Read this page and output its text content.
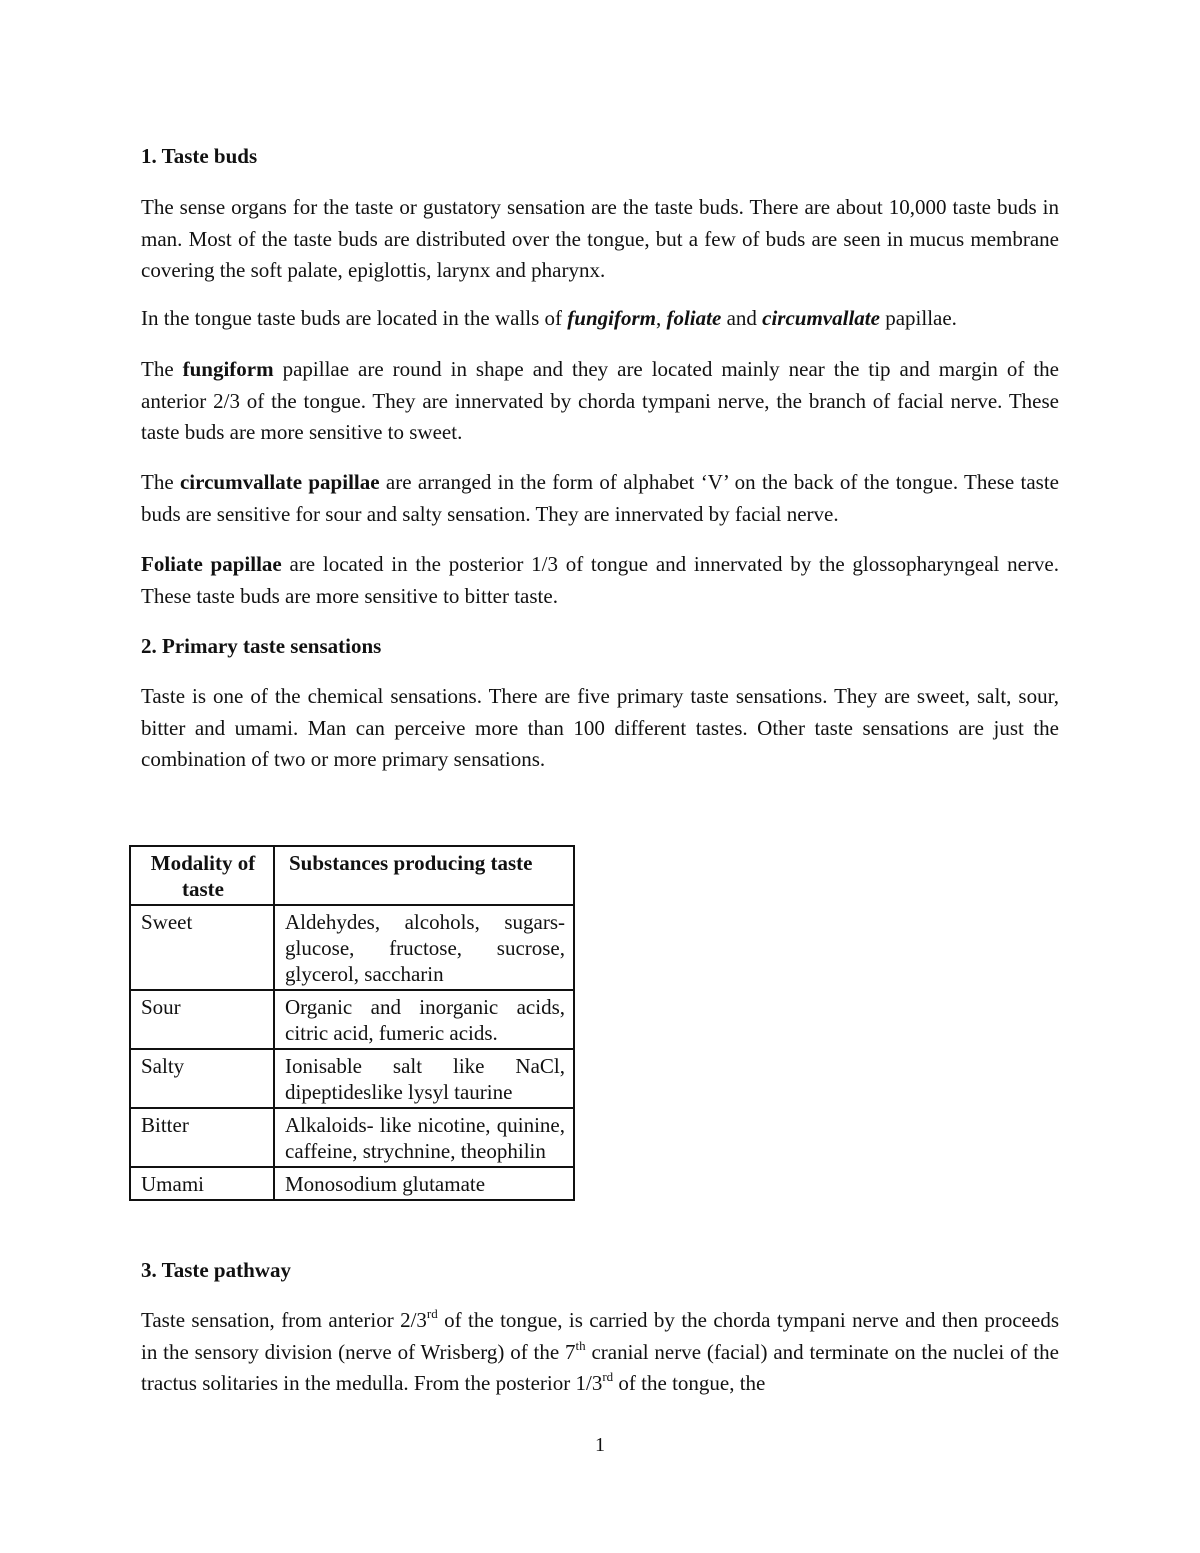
1. Taste buds

The sense organs for the taste or gustatory sensation are the taste buds. There are about 10,000 taste buds in man. Most of the taste buds are distributed over the tongue, but a few of buds are seen in mucus membrane covering the soft palate, epiglottis, larynx and pharynx.

In the tongue taste buds are located in the walls of fungiform, foliate and circumvallate papillae.

The fungiform papillae are round in shape and they are located mainly near the tip and margin of the anterior 2/3 of the tongue. They are innervated by chorda tympani nerve, the branch of facial nerve. These taste buds are more sensitive to sweet.

The circumvallate papillae are arranged in the form of alphabet ‘V’ on the back of the tongue. These taste buds are sensitive for sour and salty sensation. They are innervated by facial nerve.

Foliate papillae are located in the posterior 1/3 of tongue and innervated by the glossopharyngeal nerve. These taste buds are more sensitive to bitter taste.

2. Primary taste sensations

Taste is one of the chemical sensations. There are five primary taste sensations. They are sweet, salt, sour, bitter and umami. Man can perceive more than 100 different tastes. Other taste sensations are just the combination of two or more primary sensations.

Modality of taste	Substances producing taste
Sweet	Aldehydes, alcohols, sugars-glucose, fructose, sucrose, glycerol, saccharin
Sour	Organic and inorganic acids, citric acid, fumeric acids.
Salty	Ionisable salt like NaCl, dipeptideslike lysyl taurine
Bitter	Alkaloids- like nicotine, quinine, caffeine, strychnine, theophilin
Umami	Monosodium glutamate

3. Taste pathway

Taste sensation, from anterior 2/3rd of the tongue, is carried by the chorda tympani nerve and then proceeds in the sensory division (nerve of Wrisberg) of the 7th cranial nerve (facial) and terminate on the nuclei of the tractus solitaries in the medulla. From the posterior 1/3rd of the tongue, the

1
